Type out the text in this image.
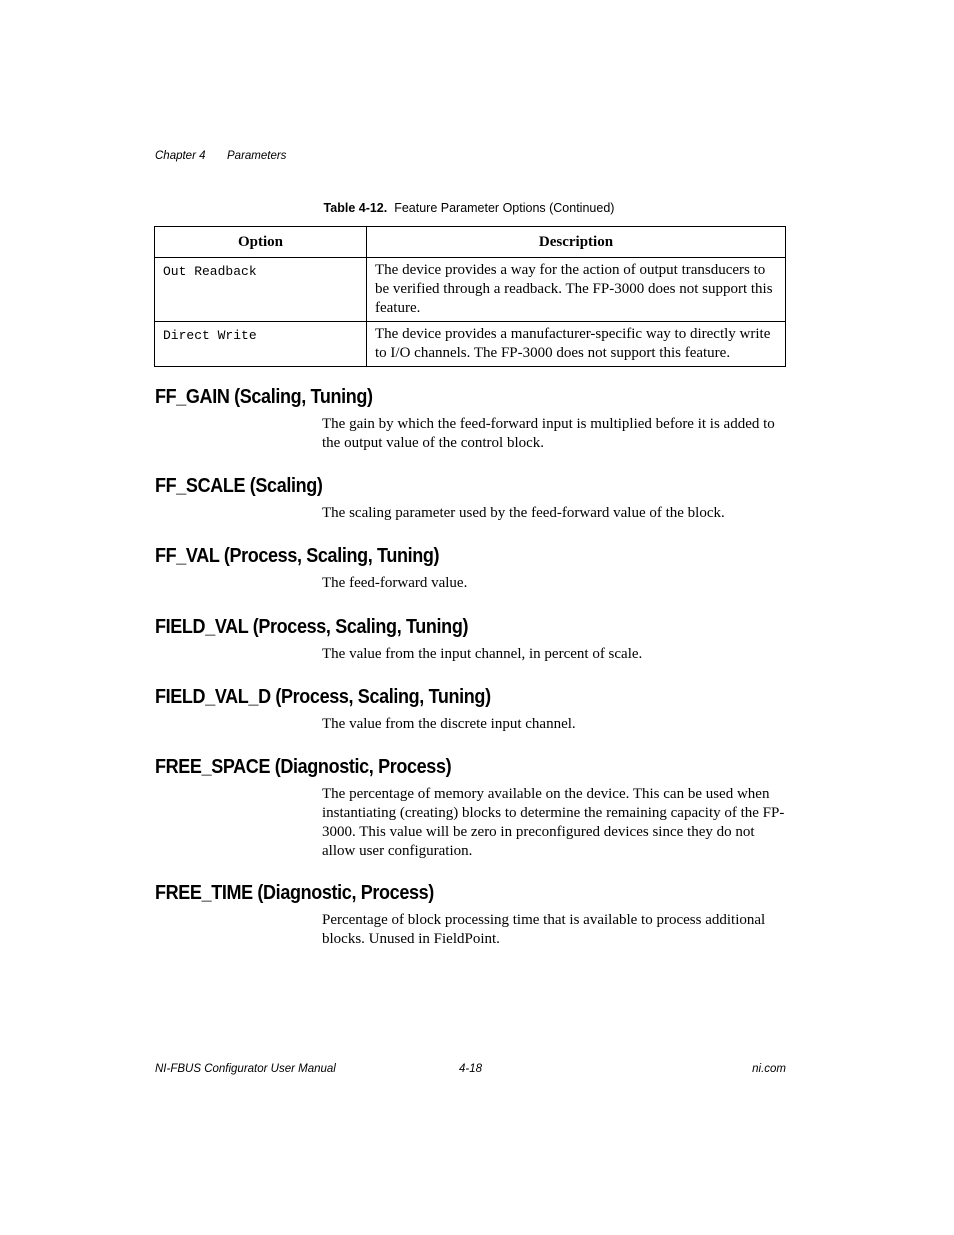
Chapter 4 Parameters
Table 4-12. Feature Parameter Options (Continued)
Option	Description
Out Readback	The device provides a way for the action of output transducers to be verified through a readback. The FP-3000 does not support this feature.
Direct Write	The device provides a manufacturer-specific way to directly write to I/O channels. The FP-3000 does not support this feature.
FF_GAIN (Scaling, Tuning)

The gain by which the feed-forward input is multiplied before it is added to the output value of the control block.

FF_SCALE (Scaling)

The scaling parameter used by the feed-forward value of the block.

FF_VAL (Process, Scaling, Tuning)

The feed-forward value.

FIELD_VAL (Process, Scaling, Tuning)

The value from the input channel, in percent of scale.

FIELD_VAL_D (Process, Scaling, Tuning)

The value from the discrete input channel.

FREE_SPACE (Diagnostic, Process)

The percentage of memory available on the device. This can be used when instantiating (creating) blocks to determine the remaining capacity of the FP-3000. This value will be zero in preconfigured devices since they do not allow user configuration.

FREE_TIME (Diagnostic, Process)

Percentage of block processing time that is available to process additional blocks. Unused in FieldPoint.

NI-FBUS Configurator User Manual	4-18	ni.com
